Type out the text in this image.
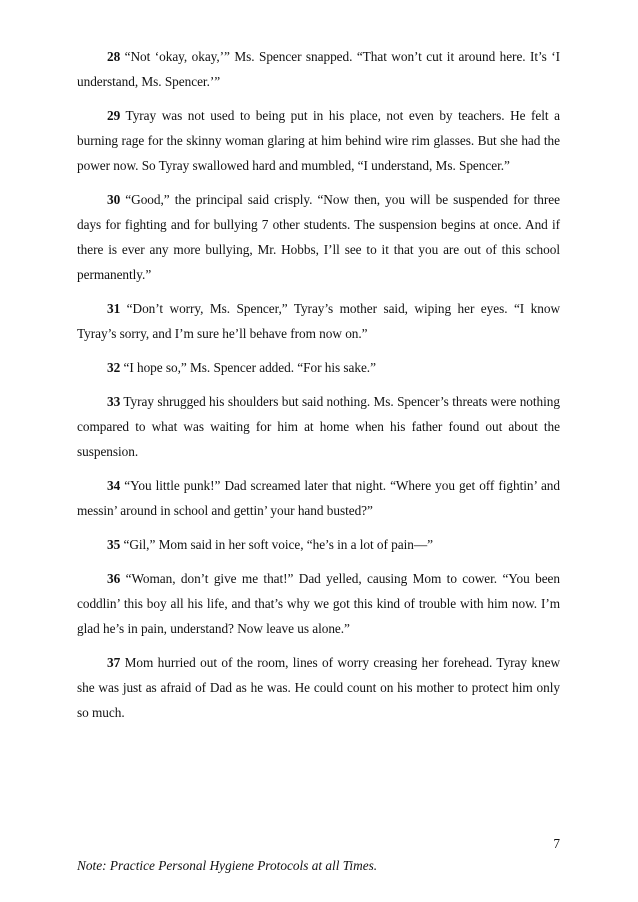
28 “Not ‘okay, okay,’” Ms. Spencer snapped. “That won’t cut it around here. It’s ‘I understand, Ms. Spencer.’”

29 Tyray was not used to being put in his place, not even by teachers. He felt a burning rage for the skinny woman glaring at him behind wire rim glasses. But she had the power now. So Tyray swallowed hard and mumbled, “I understand, Ms. Spencer.”

30 “Good,” the principal said crisply. “Now then, you will be suspended for three days for fighting and for bullying 7 other students. The suspension begins at once. And if there is ever any more bullying, Mr. Hobbs, I’ll see to it that you are out of this school permanently.”

31 “Don’t worry, Ms. Spencer,” Tyray’s mother said, wiping her eyes. “I know Tyray’s sorry, and I’m sure he’ll behave from now on.”

32 “I hope so,” Ms. Spencer added. “For his sake.”

33 Tyray shrugged his shoulders but said nothing. Ms. Spencer’s threats were nothing compared to what was waiting for him at home when his father found out about the suspension.

34 “You little punk!” Dad screamed later that night. “Where you get off fightin’ and messin’ around in school and gettin’ your hand busted?”

35 “Gil,” Mom said in her soft voice, “he’s in a lot of pain—”

36 “Woman, don’t give me that!” Dad yelled, causing Mom to cower. “You been coddlin’ this boy all his life, and that’s why we got this kind of trouble with him now. I’m glad he’s in pain, understand? Now leave us alone.”

37 Mom hurried out of the room, lines of worry creasing her forehead. Tyray knew she was just as afraid of Dad as he was. He could count on his mother to protect him only so much.

7
Note: Practice Personal Hygiene Protocols at all Times.
